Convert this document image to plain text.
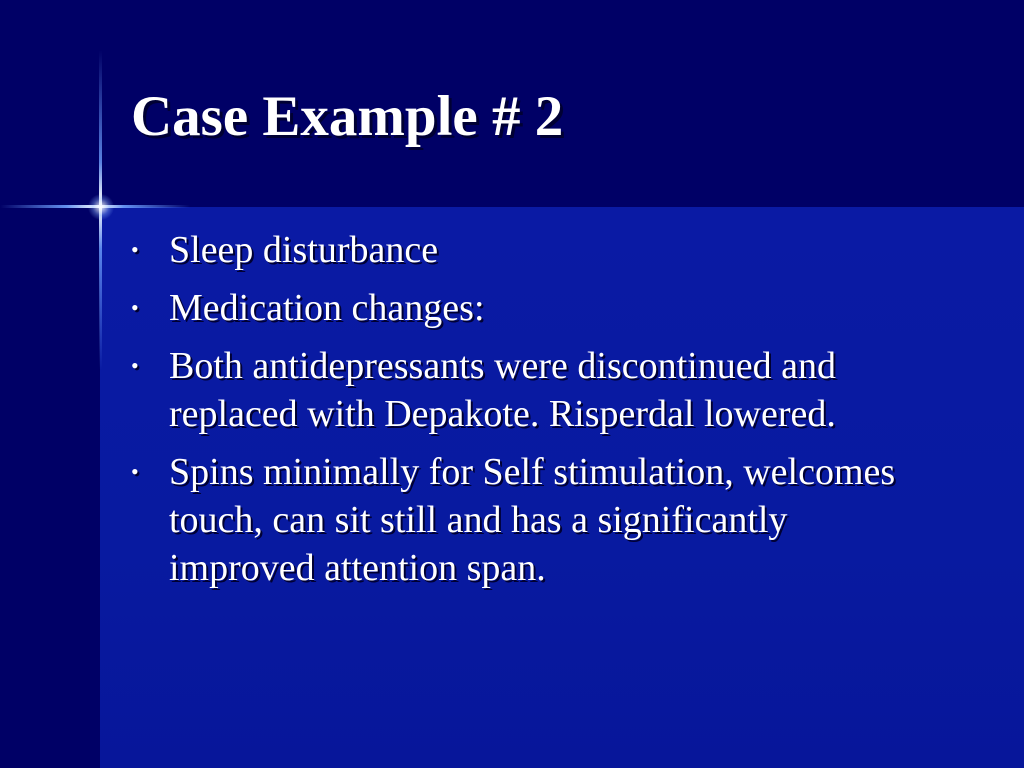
Case Example # 2
• Sleep disturbance
• Medication changes:
• Both antidepressants were discontinued and replaced with Depakote. Risperdal lowered.
• Spins minimally for Self stimulation, welcomes touch, can sit still and has a significantly improved attention span.
